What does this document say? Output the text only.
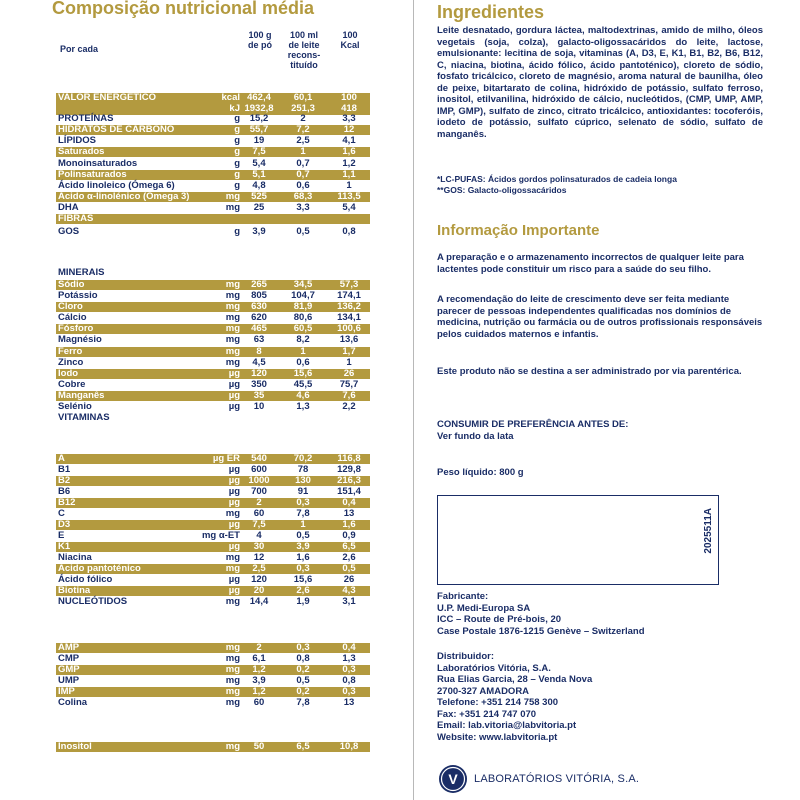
Composição nutricional média
Por cada
100 g
de pó
100 ml
de leite
recons-
tituído
100
Kcal
VALOR ENERGÉTICO	kcal 462,4	60,1	100
kJ 1932,8	251,3	418
PROTEÍNAS	g	15,2	2	3,3
HIDRATOS DE CARBONO	g	55,7	7,2	12
LÍPIDOS	g	19	2,5	4,1
Saturados	g	7,5	1	1,6
Monoinsaturados	g	5,4	0,7	1,2
Polinsaturados	g	5,1	0,7	1,1
Ácido linoleico (Ómega 6)	g	4,8	0,6	1
Ácido α-linolénico (Omega 3)	mg	525	68,3	113,5
DHA	mg	25	3,3	5,4
FIBRAS
GOS	g	3,9	0,5	0,8
MINERAIS
Sódio	mg	265	34,5	57,3
Potássio	mg	805	104,7	174,1
Cloro	mg	630	81,9	136,2
Cálcio	mg	620	80,6	134,1
Fósforo	mg	465	60,5	100,6
Magnésio	mg	63	8,2	13,6
Ferro	mg	8	1	1,7
Zinco	mg	4,5	0,6	1
Iodo	µg	120	15,6	26
Cobre	µg	350	45,5	75,7
Manganês	µg	35	4,6	7,6
Selénio	µg	10	1,3	2,2
VITAMINAS
A	µg ER	540	70,2	116,8
B1	µg	600	78	129,8
B2	µg 1000	130	216,3
B6	µg	700	91	151,4
B12	µg	2	0,3	0,4
C	mg	60	7,8	13
D3	µg	7,5	1	1,6
E	mg α-ET	4	0,5	0,9
K1	µg	30	3,9	6,5
Niacina	mg	12	1,6	2,6
Ácido pantoténico	mg	2,5	0,3	0,5
Ácido fólico	µg	120	15,6	26
Biotina	µg	20	2,6	4,3
NUCLEÓTIDOS	mg	14,4	1,9	3,1
AMP	mg	2	0,3	0,4
CMP	mg	6,1	0,8	1,3
GMP	mg	1,2	0,2	0,3
UMP	mg	3,9	0,5	0,8
IMP	mg	1,2	0,2	0,3
Colina	mg	60	7,8	13
Inositol	mg	50	6,5	10,8
Ingredientes
Leite desnatado, gordura láctea, maltodextrinas, amido de milho, óleos vegetais (soja, colza), galacto-oligossacáridos do leite, lactose, emulsionante: lecitina de soja, vitaminas (A, D3, E, K1, B1, B2, B6, B12, C, niacina, biotina, ácido fólico, ácido pantoténico), cloreto de sódio, fosfato tricálcico, cloreto de magnésio, aroma natural de baunilha, óleo de peixe, bitartarato de colina, hidróxido de potássio, sulfato ferroso, inositol, etilvanilina, hidróxido de cálcio, nucleótidos, (CMP, UMP, AMP, IMP, GMP), sulfato de zinco, citrato tricálcico, antioxidantes: tocoferóis, iodeto de potássio, sulfato cúprico, selenato de sódio, sulfato de manganês.
*LC-PUFAS: Ácidos gordos polinsaturados de cadeia longa
**GOS: Galacto-oligossacáridos
Informação Importante
A preparação e o armazenamento incorrectos de qualquer leite para lactentes pode constituir um risco para a saúde do seu filho.
A recomendação do leite de crescimento deve ser feita mediante parecer de pessoas independentes qualificadas nos domínios de medicina, nutrição ou farmácia ou de outros profissionais responsáveis pelos cuidados maternos e infantis.
Este produto não se destina a ser administrado por via parentérica.
CONSUMIR DE PREFERÊNCIA ANTES DE:
Ver fundo da lata
Peso líquido: 800 g
2025511A
Fabricante:
U.P. Medi-Europa SA
ICC – Route de Pré-bois, 20
Case Postale 1876-1215 Genève – Switzerland
Distribuidor:
Laboratórios Vitória, S.A.
Rua Elias Garcia, 28 – Venda Nova
2700-327 AMADORA
Telefone: +351 214 758 300
Fax: +351 214 747 070
Email: lab.vitoria@labvitoria.pt
Website: www.labvitoria.pt
V LABORATÓRIOS VITÓRIA, S.A.
